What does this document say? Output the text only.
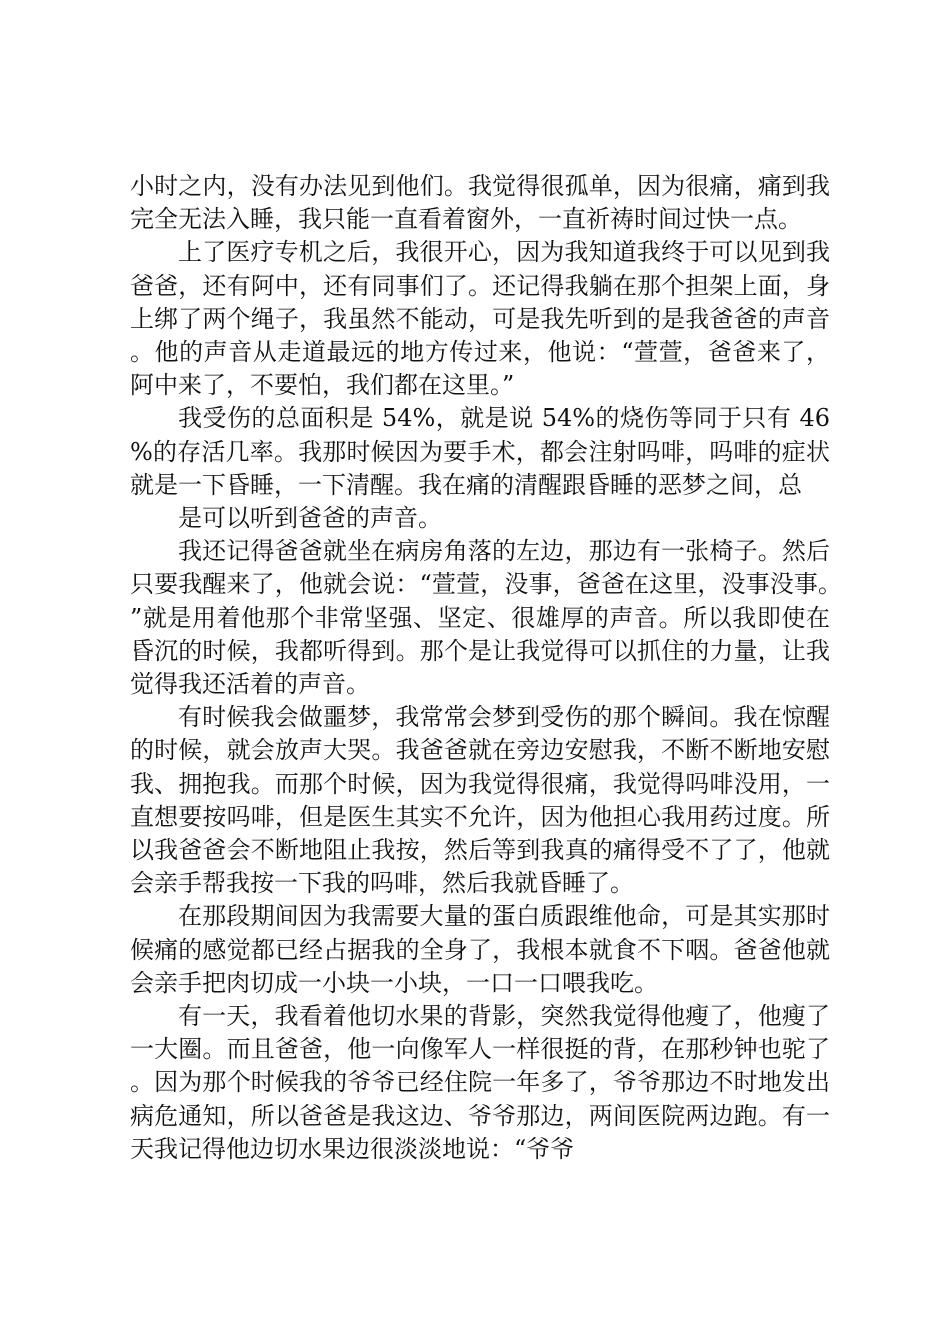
小时之内，没有办法见到他们。我觉得很孤单，因为很痛，痛到我完全无法入睡，我只能一直看着窗外，一直祈祷时间过快一点。

上了医疗专机之后，我很开心，因为我知道我终于可以见到我爸爸，还有阿中，还有同事们了。还记得我躺在那个担架上面，身上绑了两个绳子，我虽然不能动，可是我先听到的是我爸爸的声音。他的声音从走道最远的地方传过来，他说：“萱萱，爸爸来了，阿中来了，不要怕，我们都在这里。”

我受伤的总面积是 54%，就是说 54%的烧伤等同于只有 46%的存活几率。我那时候因为要手术，都会注射吗啡，吗啡的症状就是一下昏睡，一下清醒。我在痛的清醒跟昏睡的恶梦之间，总

是可以听到爸爸的声音。

我还记得爸爸就坐在病房角落的左边，那边有一张椅子。然后只要我醒来了，他就会说：“萱萱，没事，爸爸在这里，没事没事。”就是用着他那个非常坚强、坚定、很雄厚的声音。所以我即使在昏沉的时候，我都听得到。那个是让我觉得可以抓住的力量，让我觉得我还活着的声音。

有时候我会做噩梦，我常常会梦到受伤的那个瞬间。我在惊醒的时候，就会放声大哭。我爸爸就在旁边安慰我，不断不断地安慰我、拥抱我。而那个时候，因为我觉得很痛，我觉得吗啡没用，一直想要按吗啡，但是医生其实不允许，因为他担心我用药过度。所以我爸爸会不断地阻止我按，然后等到我真的痛得受不了了，他就会亲手帮我按一下我的吗啡，然后我就昏睡了。

在那段期间因为我需要大量的蛋白质跟维他命，可是其实那时候痛的感觉都已经占据我的全身了，我根本就食不下咽。爸爸他就会亲手把肉切成一小块一小块，一口一口喂我吃。

有一天，我看着他切水果的背影，突然我觉得他瘦了，他瘦了一大圈。而且爸爸，他一向像军人一样很挺的背，在那秒钟也驼了。因为那个时候我的爷爷已经住院一年多了，爷爷那边不时地发出病危通知，所以爸爸是我这边、爷爷那边，两间医院两边跑。有一天我记得他边切水果边很淡淡地说：“爷爷
